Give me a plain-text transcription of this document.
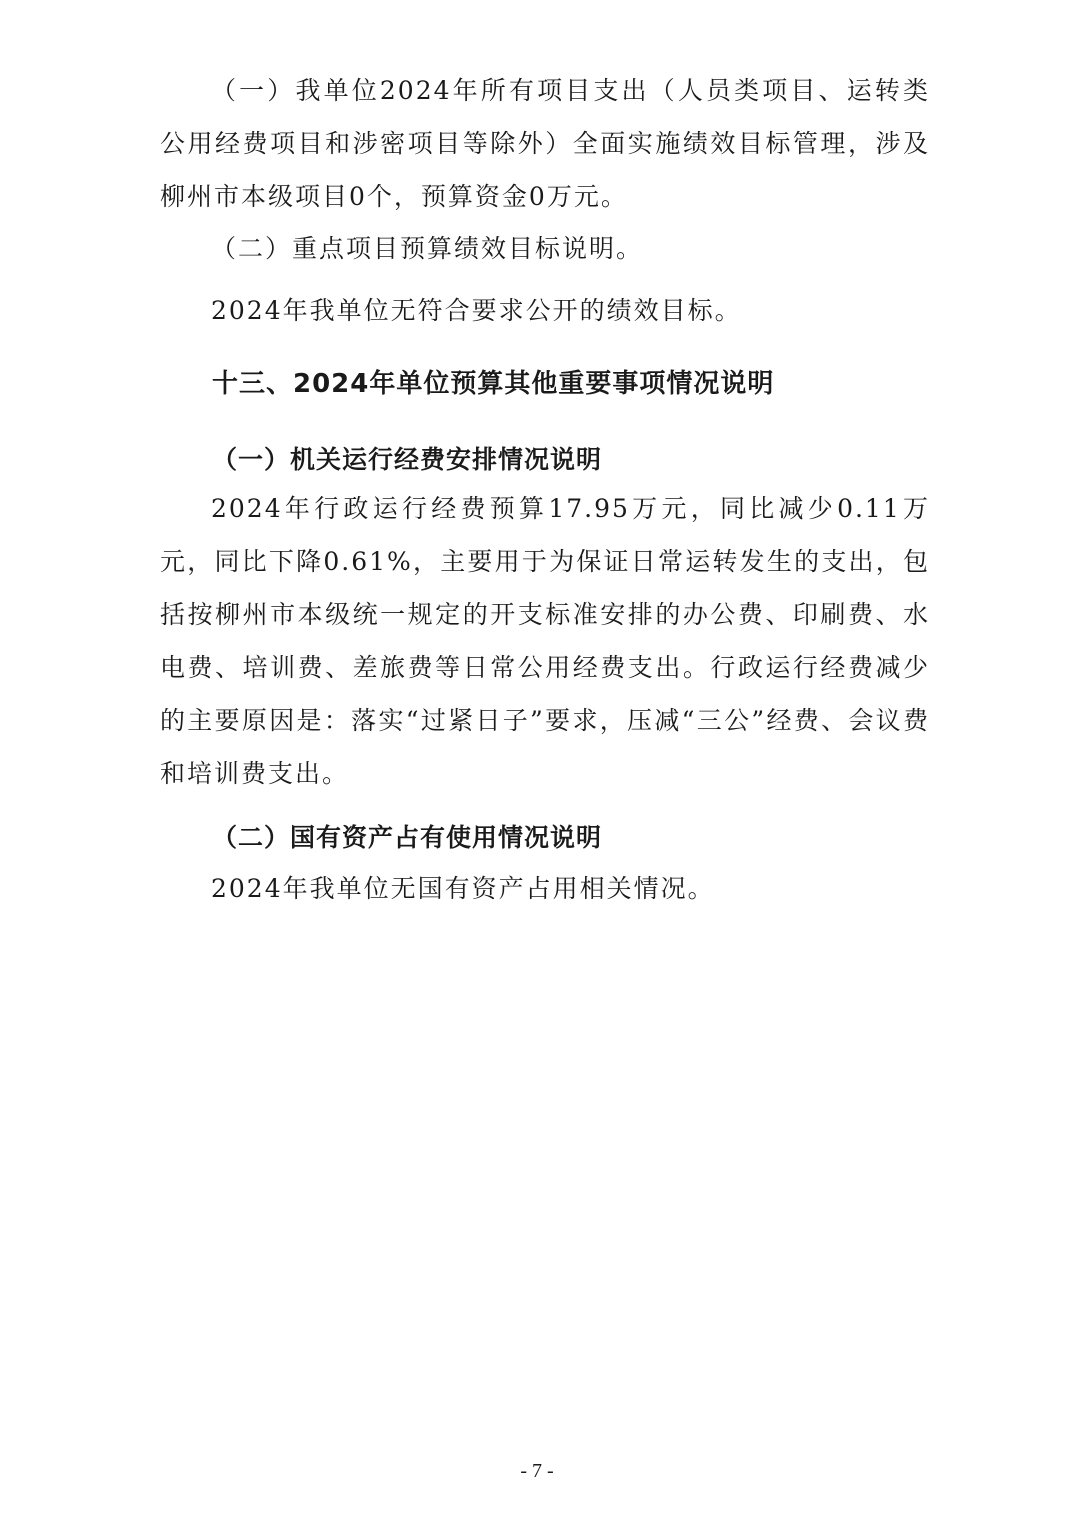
（一）我单位2024年所有项目支出（人员类项目、运转类公用经费项目和涉密项目等除外）全面实施绩效目标管理，涉及柳州市本级项目0个，预算资金0万元。

（二）重点项目预算绩效目标说明。

2024年我单位无符合要求公开的绩效目标。

十三、2024年单位预算其他重要事项情况说明
（一）机关运行经费安排情况说明

2024年行政运行经费预算17.95万元，同比减少0.11万元，同比下降0.61%，主要用于为保证日常运转发生的支出，包括按柳州市本级统一规定的开支标准安排的办公费、印刷费、水电费、培训费、差旅费等日常公用经费支出。行政运行经费减少的主要原因是：落实“过紧日子”要求，压减“三公”经费、会议费和培训费支出。

（二）国有资产占有使用情况说明

2024年我单位无国有资产占用相关情况。

- 7 -
